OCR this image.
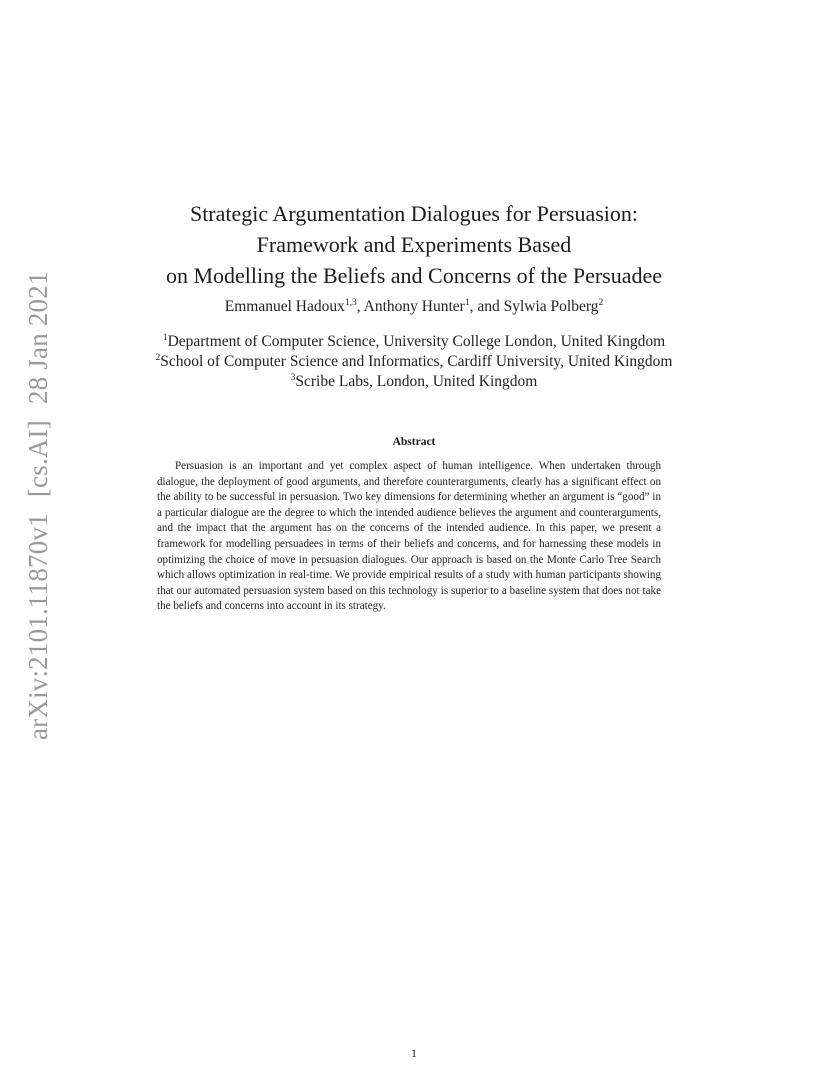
arXiv:2101.11870v1
[cs.AI]
28 Jan 2021
Strategic Argumentation Dialogues for Persuasion:
Framework and Experiments Based
on Modelling the Beliefs and Concerns of the Persuadee
Emmanuel Hadoux$^{1,3}$, Anthony Hunter$^1$, and Sylwia Polberg$^2$
$^1$Department of Computer Science, University College London, United Kingdom
$^2$School of Computer Science and Informatics, Cardiff University, United Kingdom
$^3$Scribe Labs, London, United Kingdom
Abstract
Persuasion is an important and yet complex aspect of human intelligence. When undertaken through dialogue, the deployment of good arguments, and therefore counterarguments, clearly has a significant effect on the ability to be successful in persuasion. Two key dimensions for determining whether an argument is “good” in a particular dialogue are the degree to which the intended audience believes the argument and counterarguments, and the impact that the argument has on the concerns of the intended audience. In this paper, we present a framework for modelling persuadees in terms of their beliefs and concerns, and for harnessing these models in optimizing the choice of move in persuasion dialogues. Our approach is based on the Monte Carlo Tree Search which allows optimization in real-time. We provide empirical results of a study with human participants showing that our automated persuasion system based on this technology is superior to a baseline system that does not take the beliefs and concerns into account in its strategy.
1
